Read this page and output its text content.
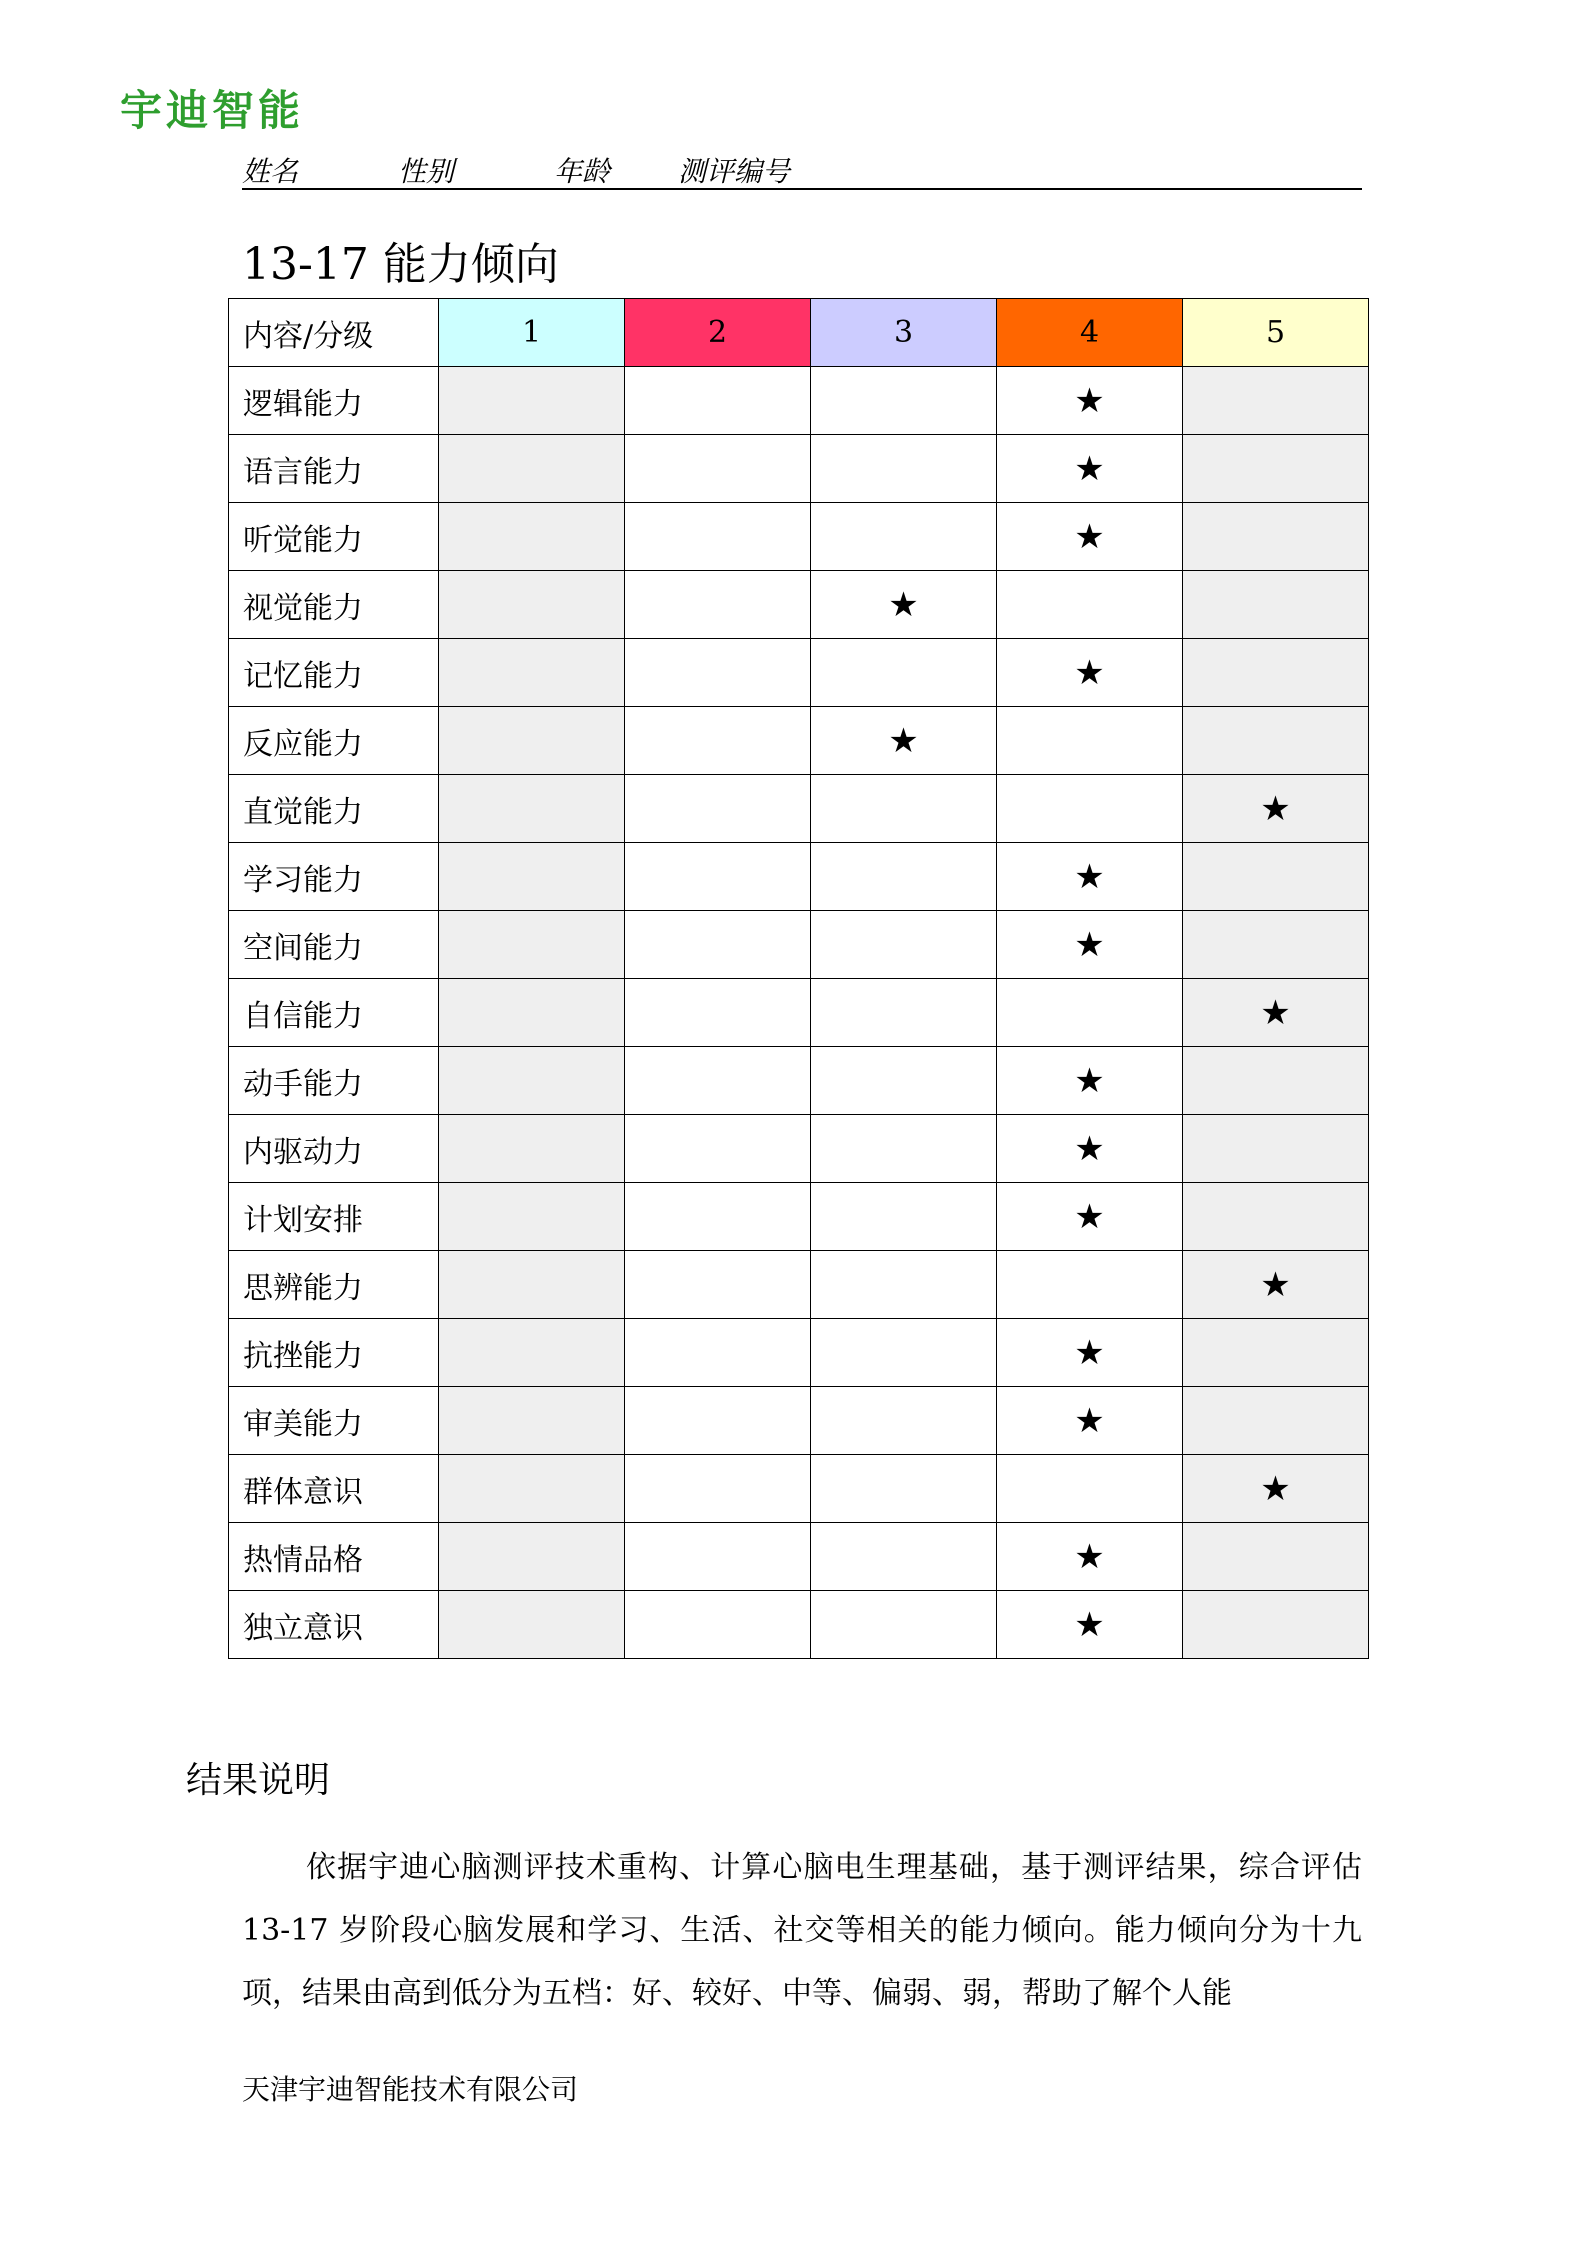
宇迪智能
姓名	性别	年龄 测评编号
13-17 能力倾向
内容/分级	1	2	3	4	5
逻辑能力				★	
语言能力				★	
听觉能力				★	
视觉能力			★		
记忆能力				★	
反应能力			★		
直觉能力					★
学习能力				★	
空间能力				★	
自信能力					★
动手能力				★	
内驱动力				★	
计划安排				★	
思辨能力					★
抗挫能力				★	
审美能力				★	
群体意识					★
热情品格				★	
独立意识				★	
结果说明
依据宇迪心脑测评技术重构、计算心脑电生理基础，基于测评结果，综合评估 13-17 岁阶段心脑发展和学习、生活、社交等相关的能力倾向。能力倾向分为十九项，结果由高到低分为五档：好、较好、中等、偏弱、弱，帮助了解个人能
天津宇迪智能技术有限公司
